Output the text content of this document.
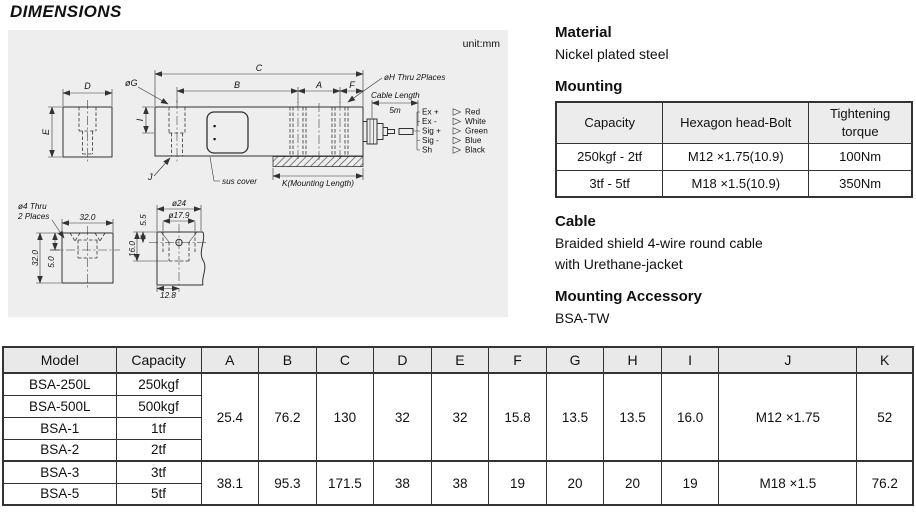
DIMENSIONS
unit:mm
D
E
sus cover
C
B	A	F
I
øG
øH Thru 2Places
J
K(Mounting Length)
Cable Length
5m	Ex +	Red
Ex -	White
Sig +	Green
Sig -	Blue
Sh	Black
ø4 Thru
2 Places	32.0
32.0 5.0
ø24
ø17.9
5.5
16.0
12.8
Material

Nickel plated steel

Mounting
Capacity	Hexagon head-Bolt	Tightening torque
250kgf - 2tf	M12 ×1.75(10.9)	100Nm
3tf - 5tf	M18 ×1.5(10.9)	350Nm
Cable

Braided shield 4-wire round cable
with Urethane-jacket

Mounting Accessory

BSA-TW

Model	Capacity	A	B	C	D	E	F	G	H	I	J	K
BSA-250L	250kgf	25.4	76.2	130	32	32	15.8	13.5	13.5	16.0	M12 ×1.75	52
BSA-500L	500kgf											
BSA-1	1tf											
BSA-2	2tf											
BSA-3	3tf	38.1	95.3	171.5	38	38	19	20	20	19	M18 ×1.5	76.2
BSA-5	5tf											
